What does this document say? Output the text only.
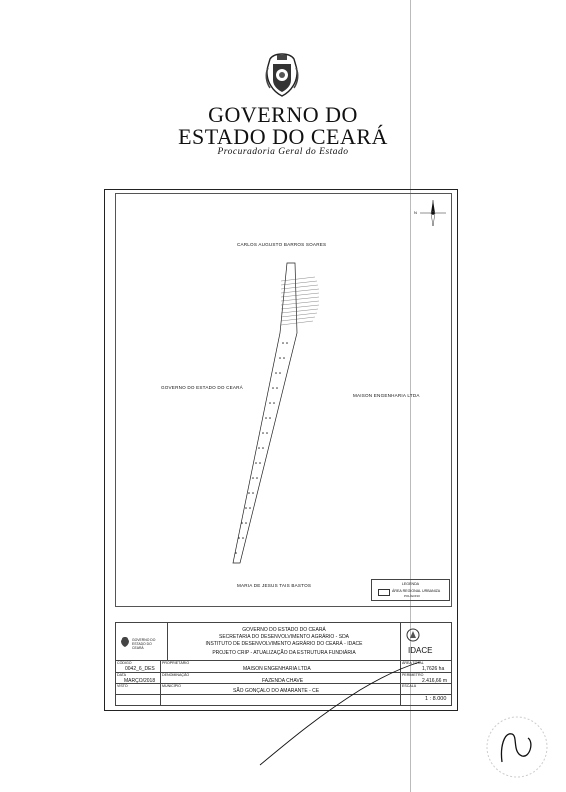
GOVERNO DO
ESTADO DO CEARÁ
Procuradoria Geral do Estado
N
CARLOS AUGUSTO BARROS SOARES
GOVERNO DO ESTADO DO CEARÁ
MAISON ENGENHARIA LTDA
MARIA DE JESUS TAIS BASTOS	LEGENDA
ÁREA REGIONAL URBANIZA
POLÍGONO
GOVERNO DO ESTADO DO CEARÁ
GOVERNO DO ESTADO DO CEARÁ
SECRETARIA DO DESENVOLVIMENTO AGRÁRIO - SDA
INSTITUTO DE DESENVOLVIMENTO AGRÁRIO DO CEARÁ - IDACE
PROJETO CRIP - ATUALIZAÇÃO DA ESTRUTURA FUNDIÁRIA	IDACE
CÓDIGO
0042_6_DES
PROPRIETÁRIO
MAISON ENGENHARIA LTDA
ÁREA TOTAL
1,7626 ha
DATA
MARÇO/2018
DENOMINAÇÃO
FAZENDA CHAVE
PERÍMETRO
2.416,66 m
VISTO	MUNICÍPIO
SÃO GONÇALO DO AMARANTE - CE
ESCALA
1 : 8.000
